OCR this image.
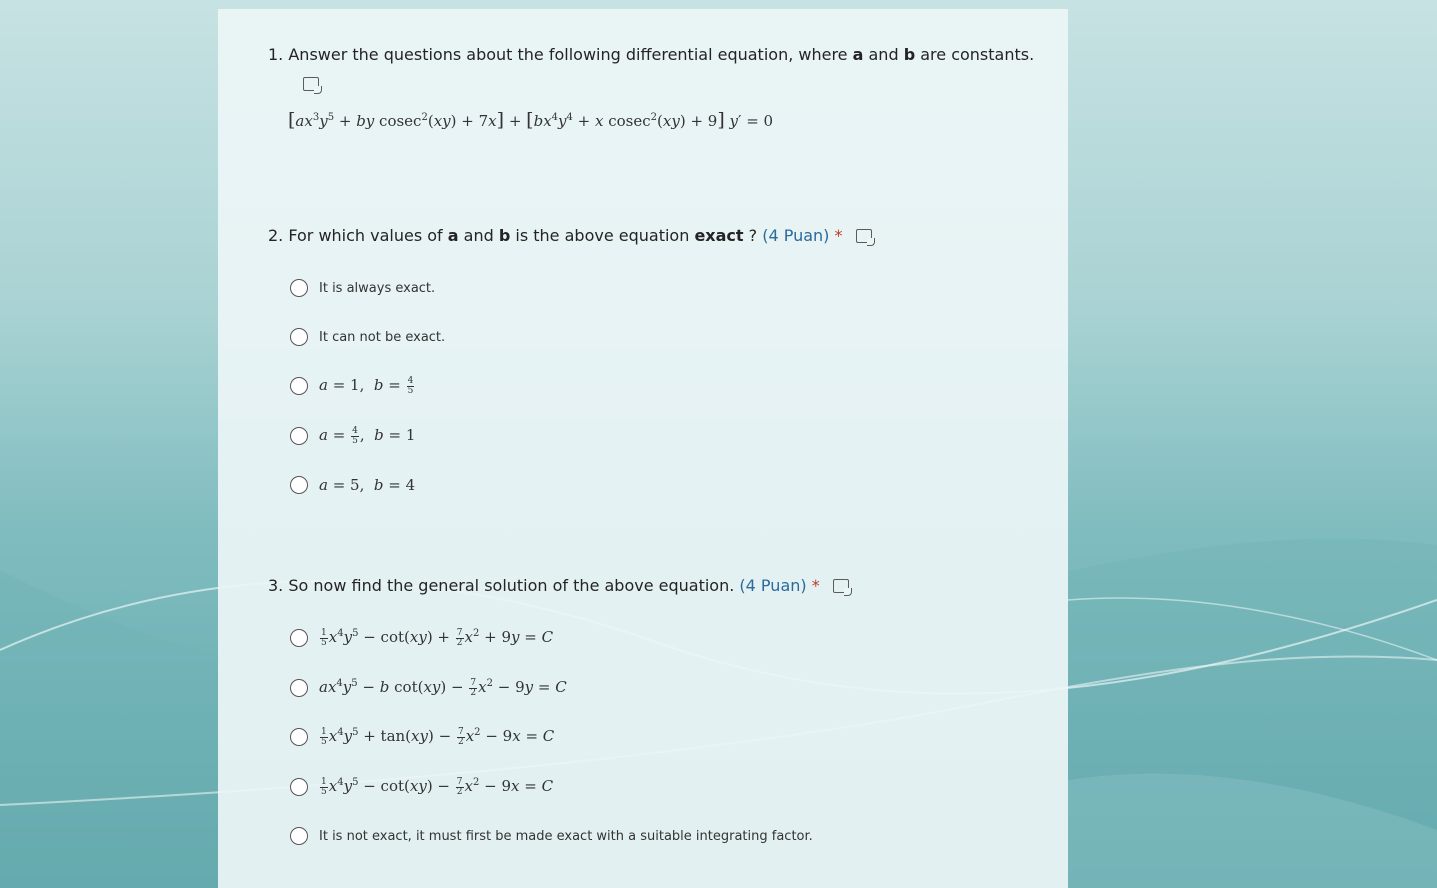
1. Answer the questions about the following differential equation, where a and b are constants.
[$ax^3y^5$ + by $cosec^2(xy) + 7x] + [bx^4y^4 + x$ cosec$^2$(xy) + 9] y′ = 0
2. For which values of a and b is the above equation exact ? (4 Puan) *
It is always exact.
It can not be exact.
a = 1,  $b = \frac{4}{5}$
$a = \frac{4}{5}$ ,  b = 1
a = 5,  b = 4
3. So now find the general solution of the above equation. (4 Puan) *
$\frac{1}{5} x^4y^5 - \cot(xy) + \frac{7}{2} x^2 + 9y = C$
$ax^4y^5 - b$ $\cot(xy) - \frac{7}{2} x^2 - 9y = C$
$\frac{1}{5} x^4y^5 + \tan(xy) - \frac{7}{2} x^2 - 9x = C$
$\frac{1}{5} x^4y^5 - \cot(xy) - \frac{7}{2} x^2 - 9x = C$
It is not exact, it must first be made exact with a suitable integrating factor.
